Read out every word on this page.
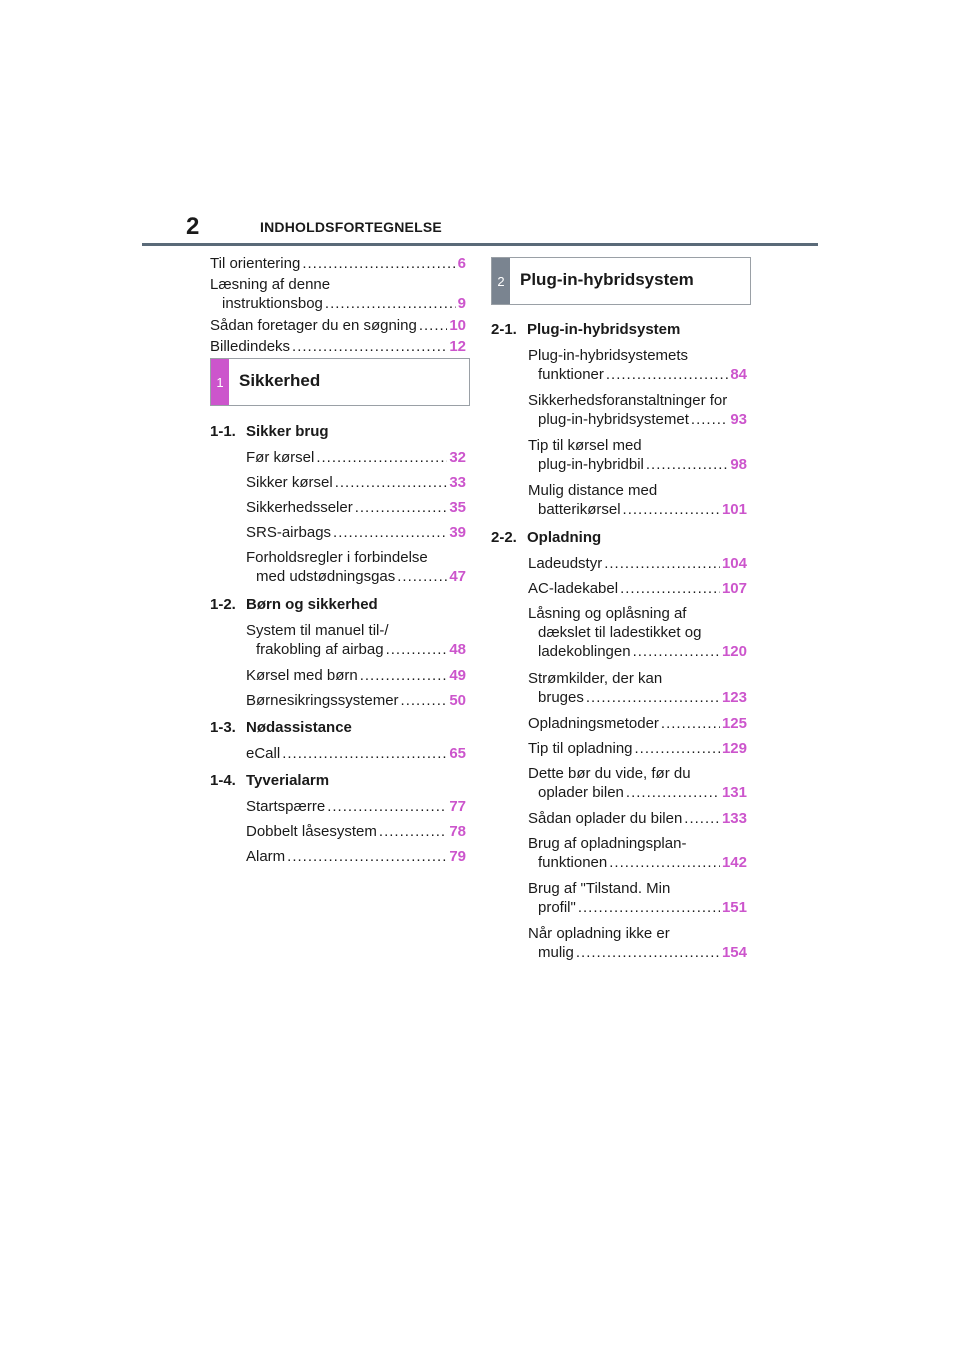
2	INDHOLDSFORTEGNELSE
Til orientering .....	6
Læsning af denne
instruktionsbog .....	9
Sådan foretager du en søgning ..... 10
Billedindeks .....	12
1 Sikkerhed
1-1. Sikker brug
Før kørsel .....	32
Sikker kørsel .....	33
Sikkerhedsseler .....	35
SRS-airbags .....	39
Forholdsregler i forbindelse
med udstødningsgas .....	47
1-2. Børn og sikkerhed
System til manuel til-/
frakobling af airbag .....	48
Kørsel med børn .....	49
Børnesikringssystemer .....	50
1-3. Nødassistance
eCall .....	65
1-4. Tyverialarm
Startspærre .....	77
Dobbelt låsesystem .....	78
Alarm .....	79
2 Plug-in-hybridsystem
2-1. Plug-in-hybridsystem
Plug-in-hybridsystemets
funktioner .....	84
Sikkerhedsforanstaltninger for
plug-in-hybridsystemet .....	93
Tip til kørsel med
plug-in-hybridbil .....	98
Mulig distance med
batterikørsel .....	101
2-2. Opladning
Ladeudstyr .....	104
AC-ladekabel .....	107
Låsning og oplåsning af
dækslet til ladestikket og
ladekoblingen .....	120
Strømkilder, der kan
bruges .....	123
Opladningsmetoder .....	125
Tip til opladning .....	129
Dette bør du vide, før du
oplader bilen .....	131
Sådan oplader du bilen .....	133
Brug af opladningsplan-
funktionen .....	142
Brug af "Tilstand. Min
profil" .....	151
Når opladning ikke er
mulig .....	154
